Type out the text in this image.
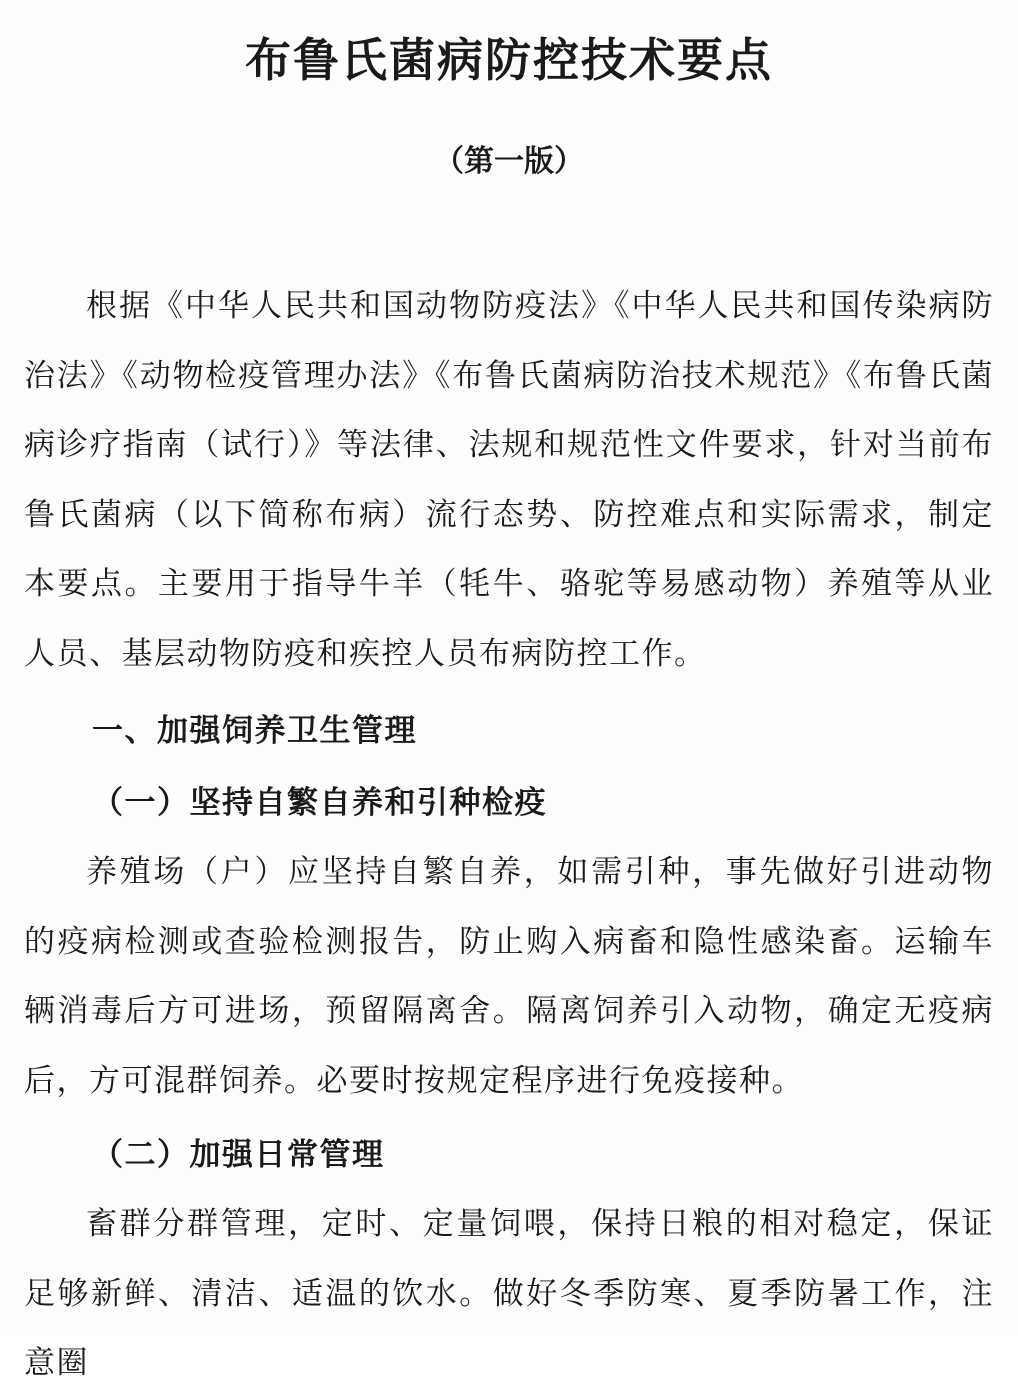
布鲁氏菌病防控技术要点
（第一版）
根据《中华人民共和国动物防疫法》《中华人民共和国传染病防治法》《动物检疫管理办法》《布鲁氏菌病防治技术规范》《布鲁氏菌病诊疗指南（试行）》等法律、法规和规范性文件要求，针对当前布鲁氏菌病（以下简称布病）流行态势、防控难点和实际需求，制定本要点。主要用于指导牛羊（牦牛、骆驼等易感动物）养殖等从业人员、基层动物防疫和疾控人员布病防控工作。
一、加强饲养卫生管理
（一）坚持自繁自养和引种检疫
养殖场（户）应坚持自繁自养，如需引种，事先做好引进动物的疫病检测或查验检测报告，防止购入病畜和隐性感染畜。运输车辆消毒后方可进场，预留隔离舍。隔离饲养引入动物，确定无疫病后，方可混群饲养。必要时按规定程序进行免疫接种。
（二）加强日常管理
畜群分群管理，定时、定量饲喂，保持日粮的相对稳定，保证足够新鲜、清洁、适温的饮水。做好冬季防寒、夏季防暑工作，注意圈
